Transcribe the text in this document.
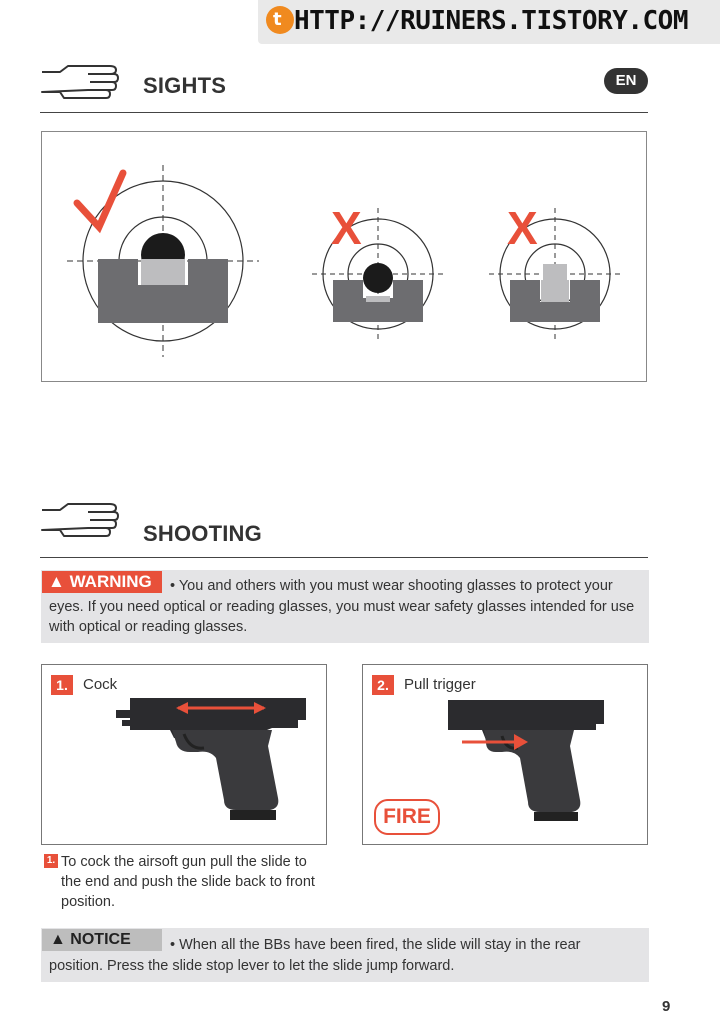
t HTTP://RUINERS.TISTORY.COM
SIGHTS	EN
X	X
SHOOTING
▲ WARNING	• You and others with you must wear shooting glasses to protect your
eyes. If you need optical or reading glasses, you must wear safety glasses intended for use
with optical or reading glasses.
1.	Cock	2.	Pull trigger
FIRE
1. To cock the airsoft gun pull the slide to
the end and push the slide back to front
position.
▲ NOTICE	• When all the BBs have been fired, the slide will stay in the rear
position. Press the slide stop lever to let the slide jump forward.
9
